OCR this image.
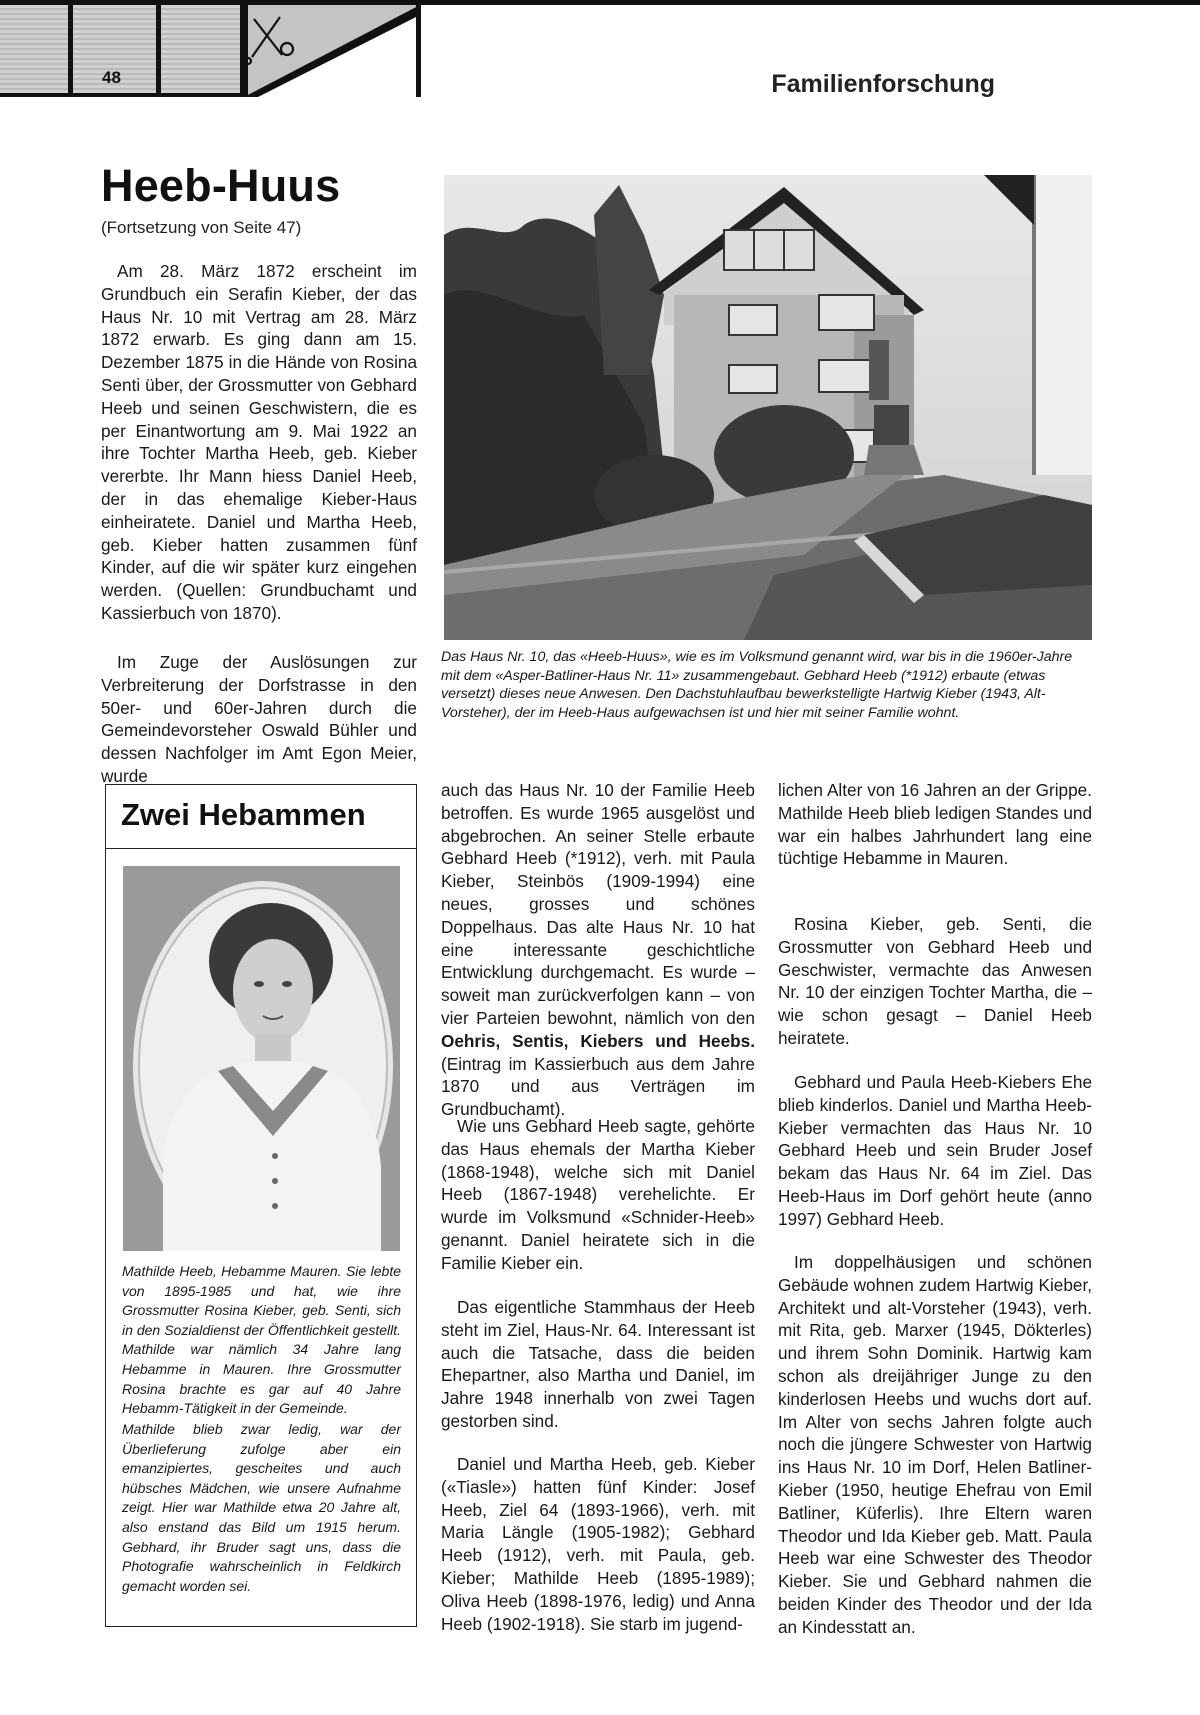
48	Familienforschung
Heeb-Huus
(Fortsetzung von Seite 47)

Am 28. März 1872 erscheint im Grundbuch ein Serafin Kieber, der das Haus Nr. 10 mit Vertrag am 28. März 1872 erwarb. Es ging dann am 15. Dezember 1875 in die Hände von Rosina Senti über, der Grossmutter von Gebhard Heeb und seinen Geschwistern, die es per Einantwortung am 9. Mai 1922 an ihre Tochter Martha Heeb, geb. Kieber vererbte. Ihr Mann hiess Daniel Heeb, der in das ehemalige Kieber-Haus einheiratete. Daniel und Martha Heeb, geb. Kieber hatten zusammen fünf Kinder, auf die wir später kurz eingehen werden. (Quellen: Grundbuchamt und Kassierbuch von 1870).

Im Zuge der Auslösungen zur Verbreiterung der Dorfstrasse in den 50er- und 60er-Jahren durch die Gemeindevorsteher Oswald Bühler und dessen Nachfolger im Amt Egon Meier, wurde

Das Haus Nr. 10, das «Heeb-Huus», wie es im Volksmund genannt wird, war bis in die 1960er-Jahre mit dem «Asper-Batliner-Haus Nr. 11» zusammengebaut. Gebhard Heeb (*1912) erbaute (etwas versetzt) dieses neue Anwesen. Den Dachstuhlaufbau bewerkstelligte Hartwig Kieber (1943, Alt-Vorsteher), der im Heeb-Haus aufgewachsen ist und hier mit seiner Familie wohnt.
Zwei Hebammen

Mathilde Heeb, Hebamme Mauren. Sie lebte von 1895-1985 und hat, wie ihre Grossmutter Rosina Kieber, geb. Senti, sich in den Sozialdienst der Öffentlichkeit gestellt. Mathilde war nämlich 34 Jahre lang Hebamme in Mauren. Ihre Grossmutter Rosina brachte es gar auf 40 Jahre Hebamm-Tätigkeit in der Gemeinde.

Mathilde blieb zwar ledig, war der Überlieferung zufolge aber ein emanzipiertes, gescheites und auch hübsches Mädchen, wie unsere Aufnahme zeigt. Hier war Mathilde etwa 20 Jahre alt, also enstand das Bild um 1915 herum. Gebhard, ihr Bruder sagt uns, dass die Photografie wahrscheinlich in Feldkirch gemacht worden sei.

auch das Haus Nr. 10 der Familie Heeb betroffen. Es wurde 1965 ausgelöst und abgebrochen. An seiner Stelle erbaute Gebhard Heeb (*1912), verh. mit Paula Kieber, Steinbös (1909-1994) eine neues, grosses und schönes Doppelhaus. Das alte Haus Nr. 10 hat eine interessante geschichtliche Entwicklung durchgemacht. Es wurde – soweit man zurückverfolgen kann – von vier Parteien bewohnt, nämlich von den Oehris, Sentis, Kiebers und Heebs. (Eintrag im Kassierbuch aus dem Jahre 1870 und aus Verträgen im Grundbuchamt).

Wie uns Gebhard Heeb sagte, gehörte das Haus ehemals der Martha Kieber (1868-1948), welche sich mit Daniel Heeb (1867-1948) verehelichte. Er wurde im Volksmund «Schnider-Heeb» genannt. Daniel heiratete sich in die Familie Kieber ein.

Das eigentliche Stammhaus der Heeb steht im Ziel, Haus-Nr. 64. Interessant ist auch die Tatsache, dass die beiden Ehepartner, also Martha und Daniel, im Jahre 1948 innerhalb von zwei Tagen gestorben sind.

Daniel und Martha Heeb, geb. Kieber («Tiasle») hatten fünf Kinder: Josef Heeb, Ziel 64 (1893-1966), verh. mit Maria Längle (1905-1982); Gebhard Heeb (1912), verh. mit Paula, geb. Kieber; Mathilde Heeb (1895-1989); Oliva Heeb (1898-1976, ledig) und Anna Heeb (1902-1918). Sie starb im jugend-

lichen Alter von 16 Jahren an der Grippe. Mathilde Heeb blieb ledigen Standes und war ein halbes Jahrhundert lang eine tüchtige Hebamme in Mauren.

Rosina Kieber, geb. Senti, die Grossmutter von Gebhard Heeb und Geschwister, vermachte das Anwesen Nr. 10 der einzigen Tochter Martha, die – wie schon gesagt – Daniel Heeb heiratete.

Gebhard und Paula Heeb-Kiebers Ehe blieb kinderlos. Daniel und Martha Heeb-Kieber vermachten das Haus Nr. 10 Gebhard Heeb und sein Bruder Josef bekam das Haus Nr. 64 im Ziel. Das Heeb-Haus im Dorf gehört heute (anno 1997) Gebhard Heeb.

Im doppelhäusigen und schönen Gebäude wohnen zudem Hartwig Kieber, Architekt und alt-Vorsteher (1943), verh. mit Rita, geb. Marxer (1945, Dökterles) und ihrem Sohn Dominik. Hartwig kam schon als dreijähriger Junge zu den kinderlosen Heebs und wuchs dort auf. Im Alter von sechs Jahren folgte auch noch die jüngere Schwester von Hartwig ins Haus Nr. 10 im Dorf, Helen Batliner-Kieber (1950, heutige Ehefrau von Emil Batliner, Küferlis). Ihre Eltern waren Theodor und Ida Kieber geb. Matt. Paula Heeb war eine Schwester des Theodor Kieber. Sie und Gebhard nahmen die beiden Kinder des Theodor und der Ida an Kindesstatt an.
